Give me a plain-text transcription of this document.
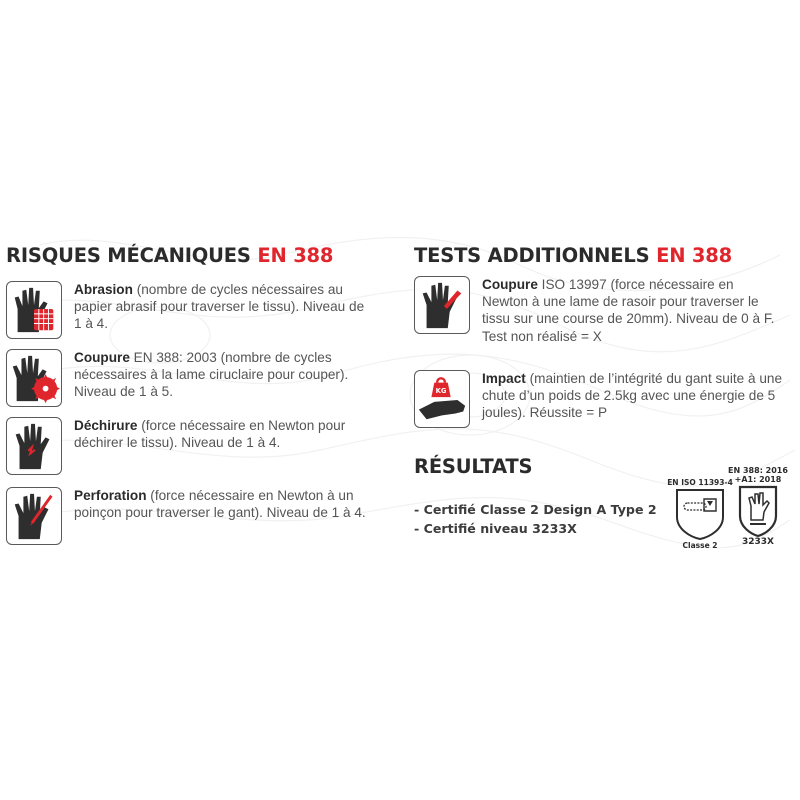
RISQUES MÉCANIQUES EN 388

Abrasion (nombre de cycles nécessaires au papier abrasif pour traverser le tissu). Niveau de 1 à 4.

Coupure EN 388: 2003 (nombre de cycles nécessaires à la lame ciruclaire pour couper). Niveau de 1 à 5.

Déchirure (force nécessaire en Newton pour déchirer le tissu). Niveau de 1 à 4.

Perforation (force nécessaire en Newton à un poinçon pour traverser le gant). Niveau de 1 à 4.

TESTS ADDITIONNELS EN 388

Coupure ISO 13997 (force nécessaire en Newton à une lame de rasoir pour traverser le tissu sur une course de 20mm). Niveau de 0 à F. Test non réalisé = X

KG

Impact (maintien de l’intégrité du gant suite à une chute d’un poids de 2.5kg avec une énergie de 5 joules). Réussite = P

RÉSULTATS
- Certifié Classe 2 Design A Type 2
- Certifié niveau 3233X
EN ISO 11393-4
Classe 2
EN 388: 2016
+A1: 2018
3233X
